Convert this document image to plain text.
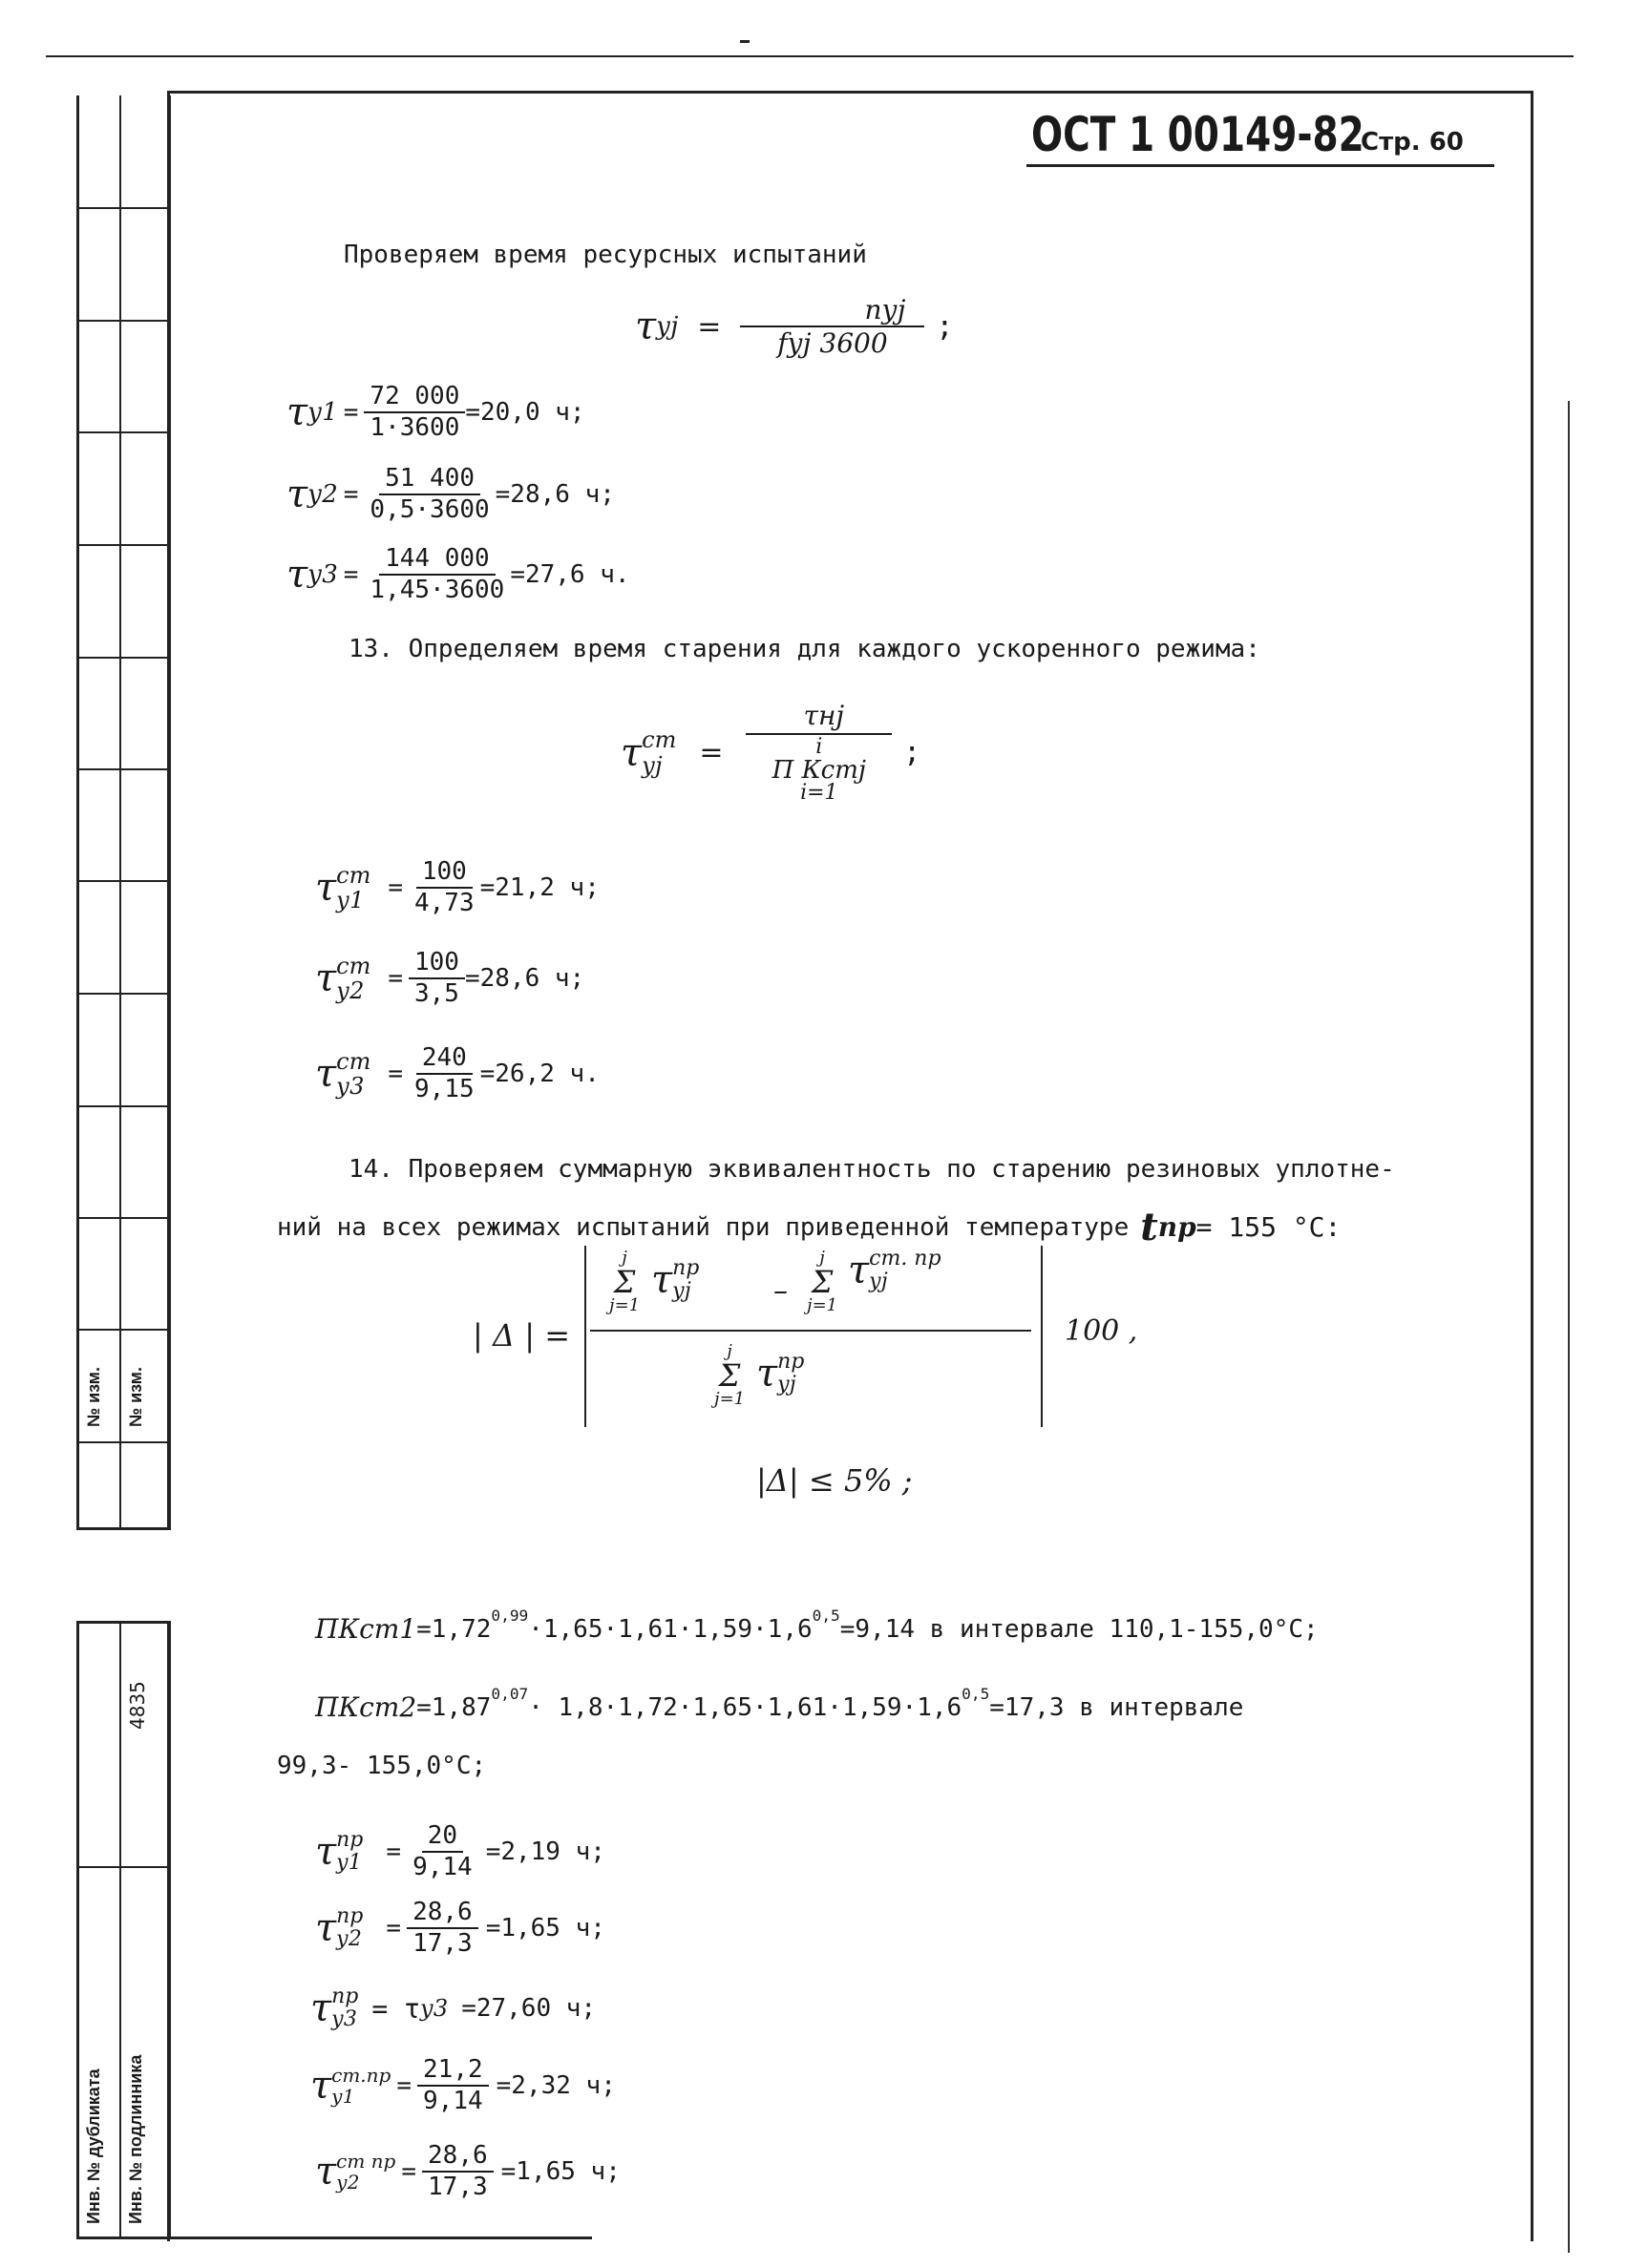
№ изм. № изм.
4835
Инв. № дубликата Инв. № подлинника
ОСТ 1 00149-82
Стр. 60
Проверяем время ресурсных испытаний
τ уj = $\frac{\text{nуj}}{\text{fуj 3600}}$ ;
τ $у1 = \frac{72 000}{1\cdot 3600} =20,0$ ч;
τ $у2 = \frac{51 400}{0,5\cdot 3600} =28,6$ ч;
τ $у3 = \frac{144 000}{1,45\cdot 3600} =27,6$ ч.
13. Определяем время старения для каждого ускоренного режима:
τ ст
уj	= τнj
i
Π Кстj
i=1 ;
τ ст
$у1 = \frac{100}{4,73} =21,2$ ч;
τ ст
$у2 = \frac{100}{3,5} =28,6$ ч;
τ ст
$у3 = \frac{240}{9,15} =26,2$ ч.
14. Проверяем суммарную эквивалентность по старению резиновых уплотне-
ний на всех режимах испытаний при приведенной температуре t пр = 155 °С:
| Δ | =
j
Σ
j=1
τ пр
уj	–
j
Σ
j=1
τ ст. пр
уj
j
Σ
j=1
τ пр
уj
100 ,
|Δ| ≤ 5% ;
ПКст1 $=1,72^{0,99} \cdot 1,65\cdot 1,61\cdot 1,59\cdot 1,6^{0,5} =9,14$ в интервале 110,1-155,0°С;
ПКст2 $=1,87^{0,07} \cdot 1,8\cdot 1,72\cdot 1,65\cdot 1,61\cdot 1,59\cdot 1,6^{0,5} =17,3$ в интервале
99,3- 155,0°С;
τ пр
$у1 = \frac{20}{9,14} =2,19$ ч;
τ пр
$у2 = \frac{28,6}{17,3} =1,65$ ч;
τ пр
у3 = τ у3 =27,60 ч;
τ ст.пр
у1	= $\frac{21,2}{9,14} =2,32$ ч;
τ ст пр
у2	= $\frac{28,6}{17,3} =1,65$ ч;
